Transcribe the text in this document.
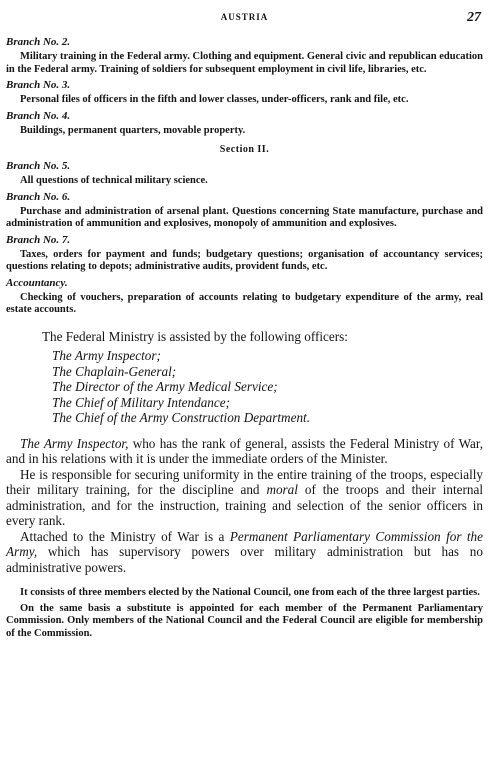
AUSTRIA	27
Branch No. 2.

Military training in the Federal army. Clothing and equipment. General civic and republican education in the Federal army. Training of soldiers for subsequent employment in civil life, libraries, etc.

Branch No. 3.

Personal files of officers in the fifth and lower classes, under-officers, rank and file, etc.

Branch No. 4.

Buildings, permanent quarters, movable property.

Section II.
Branch No. 5.

All questions of technical military science.

Branch No. 6.

Purchase and administration of arsenal plant. Questions concerning State manufacture, purchase and administration of ammunition and explosives, monopoly of ammunition and explosives.

Branch No. 7.

Taxes, orders for payment and funds; budgetary questions; organisation of accountancy services; questions relating to depots; administrative audits, provident funds, etc.

Accountancy.

Checking of vouchers, preparation of accounts relating to budgetary expenditure of the army, real estate accounts.

The Federal Ministry is assisted by the following officers:

The Army Inspector;
The Chaplain-General;
The Director of the Army Medical Service;
The Chief of Military Intendance;
The Chief of the Army Construction Department.

The Army Inspector, who has the rank of general, assists the Federal Ministry of War, and in his relations with it is under the immediate orders of the Minister.

He is responsible for securing uniformity in the entire training of the troops, especially their military training, for the discipline and moral of the troops and their internal administration, and for the instruction, training and selection of the senior officers in every rank.

Attached to the Ministry of War is a Permanent Parliamentary Commission for the Army, which has supervisory powers over military administration but has no administrative powers.

It consists of three members elected by the National Council, one from each of the three largest parties.

On the same basis a substitute is appointed for each member of the Permanent Parliamentary Commission. Only members of the National Council and the Federal Council are eligible for membership of the Commission.
